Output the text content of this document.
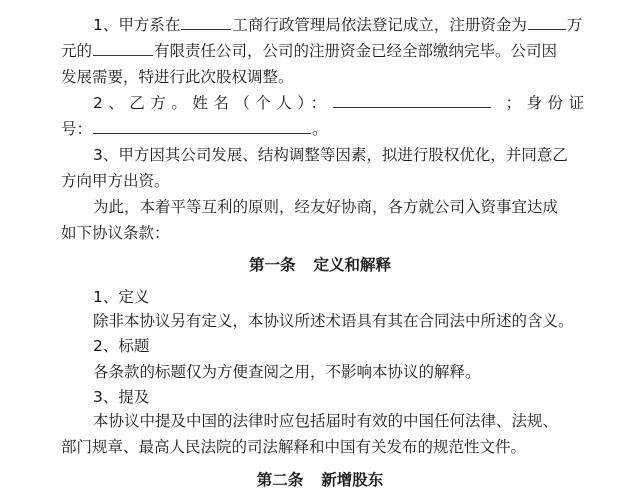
1、甲方系在	工商行政管理局依法登记成立，注册资金为	万
元的	有限责任公司，公司的注册资金已经全部缴纳完毕。公司因
发展需要，特进行此次股权调整。
2、乙方。姓名（个人）：	；身份证
号：	。
3、甲方因其公司发展、结构调整等因素，拟进行股权优化，并同意乙
方向甲方出资。
为此，本着平等互利的原则，经友好协商，各方就公司入资事宜达成
如下协议条款：
第一条 定义和解释
1、定义
除非本协议另有定义，本协议所述术语具有其在合同法中所述的含义。
2、标题
各条款的标题仅为方便查阅之用，不影响本协议的解释。
3、提及
本协议中提及中国的法律时应包括届时有效的中国任何法律、法规、
部门规章、最高人民法院的司法解释和中国有关发布的规范性文件。
第二条 新增股东
